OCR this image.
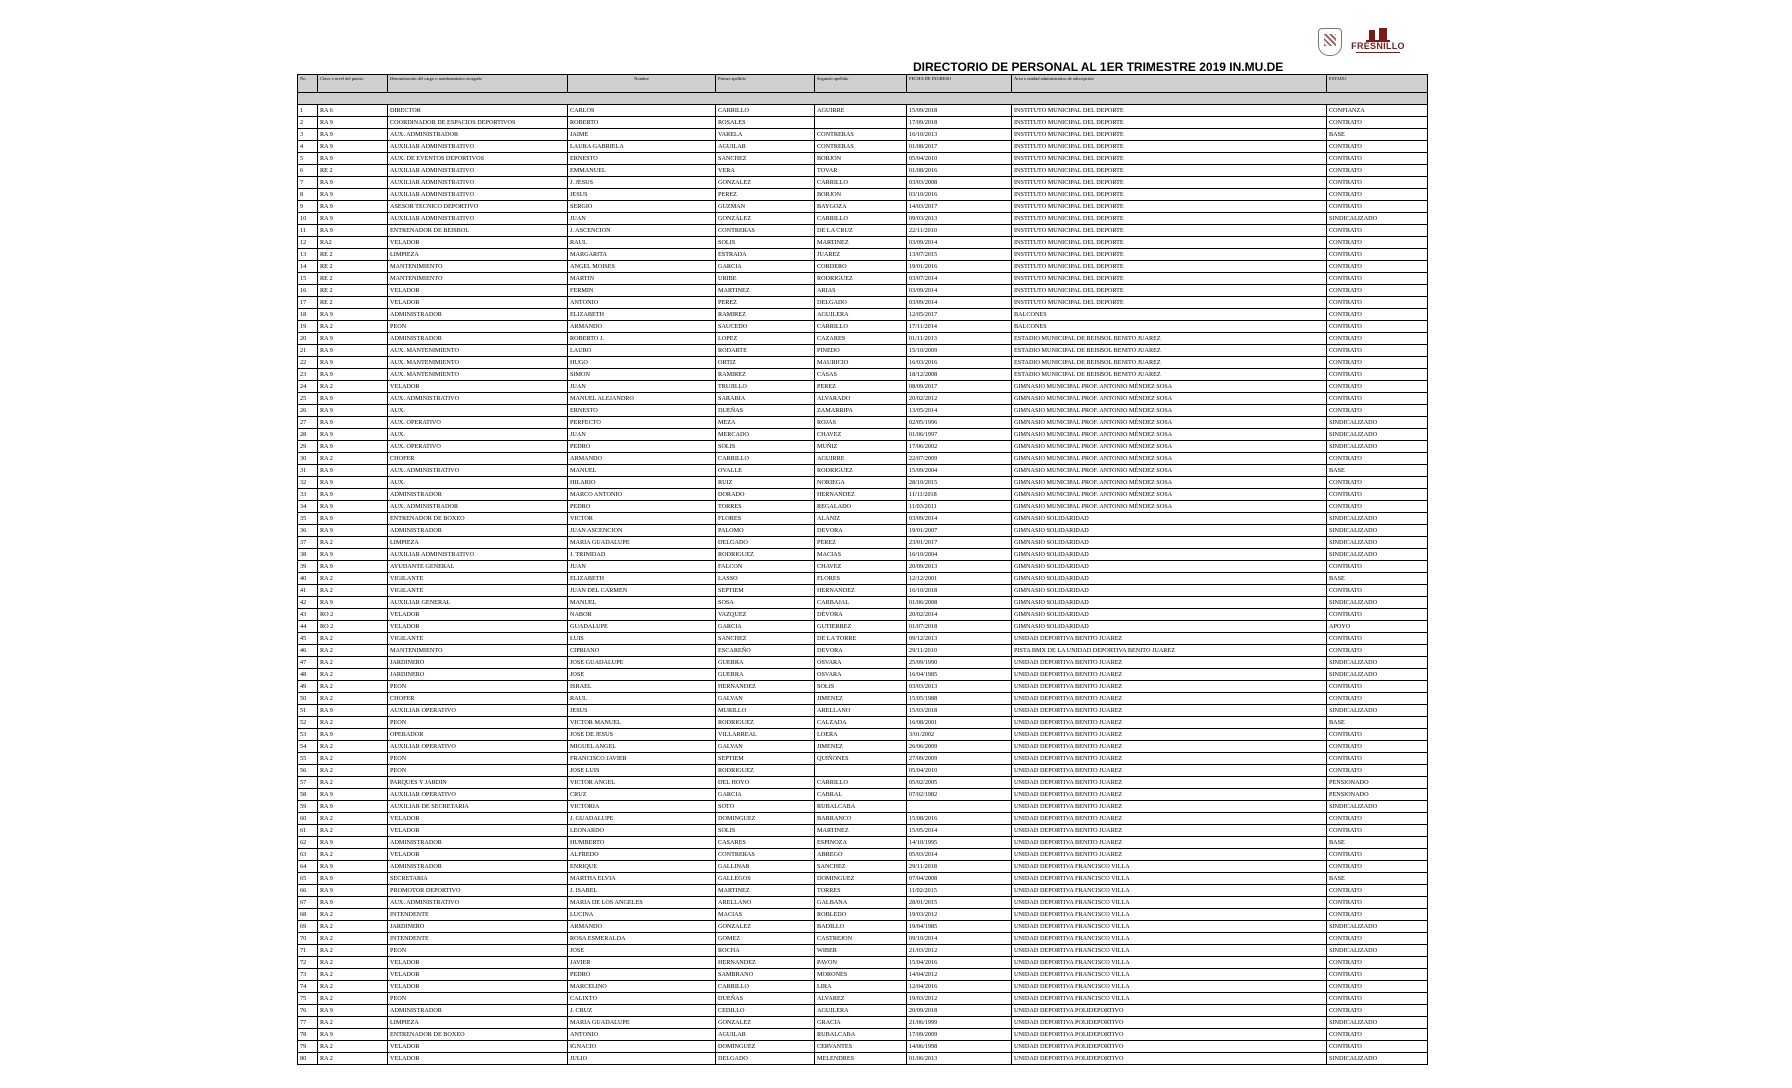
FRESNILLO
DIRECTORIO DE PERSONAL AL 1ER TRIMESTRE 2019 IN.MU.DE
No.	Clave o nivel del puesto	Denominación del cargo o nombramiento otorgado	Nombre	Primer apellido	Segundo apellido	FECHA DE INGRESO	Área o unidad administrativa de adscripción	ESTADO

1	RA 6	DIRECTOR	CARLOS	CARRILLO	AGUIRRE	15/09/2018	INSTITUTO MUNICIPAL DEL DEPORTE	CONFIANZA
2	RA 9	COORDINADOR DE ESPACIOS DEPORTIVOS	ROBERTO	ROSALES		17/09/2018	INSTITUTO MUNICIPAL DEL DEPORTE	CONTRATO
3	RA 9	AUX. ADMINISTRADOR	JAIME	VARELA	CONTRERAS	16/10/2013	INSTITUTO MUNICIPAL DEL DEPORTE	BASE
4	RA 9	AUXILIAR ADMINISTRATIVO	LAURA GABRIELA	AGUILAR	CONTRERAS	01/08/2017	INSTITUTO MUNICIPAL DEL DEPORTE	CONTRATO
5	RA 9	AUX. DE EVENTOS DEPORTIVOS	ERNESTO	SANCHEZ	BORJON	05/04/2010	INSTITUTO MUNICIPAL DEL DEPORTE	CONTRATO
6	RE 2	AUXILIAR ADMINISTRATIVO	EMMANUEL	VERA	TOVAR	01/08/2016	INSTITUTO MUNICIPAL DEL DEPORTE	CONTRATO
7	RA 9	AUXILIAR ADMINISTRATIVO	J. JESUS	GONZALEZ	CARRILLO	03/03/2008	INSTITUTO MUNICIPAL DEL DEPORTE	CONTRATO
8	RA 9	AUXILIAR ADMINISTRATIVO	JESUS	PEREZ	BORJON	03/10/2016	INSTITUTO MUNICIPAL DEL DEPORTE	CONTRATO
9	RA 9	ASESOR TECNICO DEPORTIVO	SERGIO	GUZMAN	BAYGOZA	14/03/2017	INSTITUTO MUNICIPAL DEL DEPORTE	CONTRATO
10	RA 9	AUXILIAR ADMINISTRATIVO	JUAN	GONZÁLEZ	CARRILLO	09/03/2013	INSTITUTO MUNICIPAL DEL DEPORTE	SINDICALIZADO
11	RA 9	ENTRENADOR DE BEISBOL	J. ASCENCION	CONTRERAS	DE LA CRUZ	22/11/2010	INSTITUTO MUNICIPAL DEL DEPORTE	CONTRATO
12	RA2	VELADOR	RAUL	SOLIS	MARTINEZ	03/09/2014	INSTITUTO MUNICIPAL DEL DEPORTE	CONTRATO
13	RE 2	LIMPIEZA	MARGARITA	ESTRADA	JUAREZ	13/07/2015	INSTITUTO MUNICIPAL DEL DEPORTE	CONTRATO
14	RE 2	MANTENIMIENTO	ANGEL MOISES	GARCIA	CORDERO	19/01/2016	INSTITUTO MUNICIPAL DEL DEPORTE	CONTRATO
15	RE 2	MANTENIMIENTO	MARTIN	URIBE	RODRIGUEZ	03/07/2014	INSTITUTO MUNICIPAL DEL DEPORTE	CONTRATO
16	RE 2	VELADOR	FERMIN	MARTINEZ	ARIAS	03/09/2014	INSTITUTO MUNICIPAL DEL DEPORTE	CONTRATO
17	RE 2	VELADOR	ANTONIO	PEREZ	DELGADO	03/09/2014	INSTITUTO MUNICIPAL DEL DEPORTE	CONTRATO
18	RA 9	ADMINISTRADOR	ELIZABETH	RAMIREZ	AGUILERA	12/05/2017	BALCONES	CONTRATO
19	RA 2	PEON	ARMANDO	SAUCEDO	CARRILLO	17/11/2014	BALCONES	CONTRATO
20	RA 9	ADMINISTRADOR	ROBERTO J.	LOPEZ	CAZARES	01/11/2013	ESTADIO MUNICIPAL DE BEISBOL BENITO JUAREZ	CONTRATO
21	RA 9	AUX. MANTENIMIENTO	LAURO	RODARTE	PINEDO	15/10/2009	ESTADIO MUNICIPAL DE BEISBOL BENITO JUAREZ	CONTRATO
22	RA 9	AUX. MANTENIMIENTO	HUGO	ORTIZ	MAURICIO	16/03/2016	ESTADIO MUNICIPAL DE BEISBOL BENITO JUAREZ	CONTRATO
23	RA 9	AUX. MANTENIMIENTO	SIMON	RAMIREZ	CASAS	18/12/2008	ESTADIO MUNICIPAL DE BEISBOL BENITO JUAREZ	CONTRATO
24	RA 2	VELADOR	JUAN	TRUJILLO	PEREZ	08/09/2017	GIMNASIO MUNICIPAL PROF. ANTONIO MÉNDEZ SOSA	CONTRATO
25	RA 9	AUX. ADMINISTRATIVO	MANUEL ALEJANDRO	SARABIA	ALVARADO	20/02/2012	GIMNASIO MUNICIPAL PROF. ANTONIO MÉNDEZ SOSA	CONTRATO
26	RA 9	AUX.	ERNESTO	DUEÑAS	ZAMARRIPA	13/05/2014	GIMNASIO MUNICIPAL PROF. ANTONIO MÉNDEZ SOSA	CONTRATO
27	RA 9	AUX. OPERATIVO	PERFECTO	MEZA	ROJAS	02/05/1996	GIMNASIO MUNICIPAL PROF. ANTONIO MÉNDEZ SOSA	SINDICALIZADO
28	RA 9	AUX.	JUAN	MERCADO	CHAVEZ	01/06/1997	GIMNASIO MUNICIPAL PROF. ANTONIO MÉNDEZ SOSA	SINDICALIZADO
29	RA 9	AUX. OPERATIVO	PEDRO	SOLIS	MUÑIZ	17/06/2002	GIMNASIO MUNICIPAL PROF. ANTONIO MÉNDEZ SOSA	SINDICALIZADO
30	RA 2	CHOFER	ARMANDO	CARRILLO	AGUIRRE	22/07/2009	GIMNASIO MUNICIPAL PROF. ANTONIO MÉNDEZ SOSA	CONTRATO
31	RA 9	AUX. ADMINISTRATIVO	MANUEL	OVALLE	RODRIGUEZ	15/09/2004	GIMNASIO MUNICIPAL PROF. ANTONIO MÉNDEZ SOSA	BASE
32	RA 9	AUX.	HILARIO	RUIZ	NORIEGA	28/10/2015	GIMNASIO MUNICIPAL PROF. ANTONIO MÉNDEZ SOSA	CONTRATO
33	RA 9	ADMINISTRADOR	MARCO ANTONIO	DORADO	HERNANDEZ	11/11/2018	GIMNASIO MUNICIPAL PROF. ANTONIO MÉNDEZ SOSA	CONTRATO
34	RA 9	AUX. ADMINISTRADOR	PEDRO	TORRES	REGALADO	11/03/2011	GIMNASIO MUNICIPAL PROF. ANTONIO MÉNDEZ SOSA	CONTRATO
35	RA 9	ENTRENADOR DE BOXEO	VICTOR	FLORES	ALANIZ	03/09/2014	GIMNASIO SOLIDARIDAD	SINDICALIZADO
36	RA 9	ADMINISTRADOR	JUAN ASCENCION	PALOMO	DEVORA	19/01/2007	GIMNASIO SOLIDARIDAD	SINDICALIZADO
37	RA 2	LIMPIEZA	MARIA GUADALUPE	DELGADO	PEREZ	23/01/2017	GIMNASIO SOLIDARIDAD	SINDICALIZADO
38	RA 9	AUXILIAR ADMINISTRATIVO	J. TRINIDAD	RODRIGUEZ	MACIAS	16/10/2004	GIMNASIO SOLIDARIDAD	SINDICALIZADO
39	RA 9	AYUDANTE GENERAL	JUAN	FALCON	CHAVEZ	20/09/2013	GIMNASIO SOLIDARIDAD	CONTRATO
40	RA 2	VIGILANTE	ELIZABETH	LASSO	FLORES	12/12/2001	GIMNASIO SOLIDARIDAD	BASE
41	RA 2	VIGILANTE	JUAN DEL CARMEN	SEPTIEM	HERNANDEZ	16/10/2018	GIMNASIO SOLIDARIDAD	CONTRATO
42	RA 9	AUXILIAR GENERAL	MANUEL	SOSA	CARBAJAL	01/06/2008	GIMNASIO SOLIDARIDAD	SINDICALIZADO
43	RO 2	VELADOR	NABOR	VAZQUEZ	DÉVORA	20/02/2014	GIMNASIO SOLIDARIDAD	CONTRATO
44	RO 2	VELADOR	GUADALUPE	GARCIA	GUTIERREZ	01/07/2018	GIMNASIO SOLIDARIDAD	APOYO
45	RA 2	VIGILANTE	LUIS	SANCHEZ	DE LA TORRE	09/12/2013	UNIDAD DEPORTIVA BENITO JUAREZ	CONTRATO
46	RA 2	MANTENIMIENTO	CIPRIANO	ESCAREÑO	DEVORA	29/11/2010	PISTA BMX DE LA UNIDAD DEPORTIVA BENITO JUAREZ	CONTRATO
47	RA 2	JARDINERO	JOSE GUADALUPE	GUERRA	OSVARA	25/09/1990	UNIDAD DEPORTIVA BENITO JUAREZ	SINDICALIZADO
48	RA 2	JARDINERO	JOSE	GUERRA	OSVARA	16/04/1985	UNIDAD DEPORTIVA BENITO JUAREZ	SINDICALIZADO
49	RA 2	PEON	ISRAEL	HERNANDEZ	SOLIS	03/03/2013	UNIDAD DEPORTIVA BENITO JUAREZ	CONTRATO
50	RA 2	CHOFER	RAUL	GALVAN	JIMENEZ	15/05/1988	UNIDAD DEPORTIVA BENITO JUAREZ	CONTRATO
51	RA 9	AUXILIAR OPERATIVO	JESUS	MURILLO	ARELLANO	15/03/2018	UNIDAD DEPORTIVA BENITO JUAREZ	SINDICALIZADO
52	RA 2	PEON	VICTOR MANUEL	RODRIGUEZ	CALZADA	16/08/2001	UNIDAD DEPORTIVA BENITO JUAREZ	BASE
53	RA 9	OPERADOR	JOSE DE JESUS	VILLARREAL	LOERA	3/01/2002	UNIDAD DEPORTIVA BENITO JUAREZ	CONTRATO
54	RA 2	AUXILIAR OPERATIVO	MIGUEL ANGEL	GALVAN	JIMENEZ	26/06/2009	UNIDAD DEPORTIVA BENITO JUAREZ	CONTRATO
55	RA 2	PEON	FRANCISCO JAVIER	SEPTIEM	QUIÑONES	27/09/2009	UNIDAD DEPORTIVA BENITO JUAREZ	CONTRATO
56	RA 2	PEON	JOSE LUIS	RODRIGUEZ		05/04/2010	UNIDAD DEPORTIVA BENITO JUAREZ	CONTRATO
57	RA 2	PARQUES Y JARDIN	VICTOR ANGEL	DEL HOYO	CARRILLO	05/02/2005	UNIDAD DEPORTIVA BENITO JUAREZ	PENSIONADO
58	RA 9	AUXILIAR OPERATIVO	CRUZ	GARCIA	CABRAL	07/02/1982	UNIDAD DEPORTIVA BENITO JUAREZ	PENSIONADO
59	RA 9	AUXILIAR DE SECRETARIA	VICTORIA	SOTO	RUBALCABA		UNIDAD DEPORTIVA BENITO JUAREZ	SINDICALIZADO
60	RA 2	VELADOR	J. GUADALUPE	DOMINGUEZ	BARRANCO	15/08/2016	UNIDAD DEPORTIVA BENITO JUAREZ	CONTRATO
61	RA 2	VELADOR	LEONARDO	SOLIS	MARTINEZ	15/05/2014	UNIDAD DEPORTIVA BENITO JUAREZ	CONTRATO
62	RA 9	ADMINISTRADOR	HUMBERTO	CASARES	ESPINOZA	14/10/1995	UNIDAD DEPORTIVA BENITO JUAREZ	BASE
63	RA 2	VELADOR	ALFREDO	CONTRERAS	ABREGO	05/03/2014	UNIDAD DEPORTIVA BENITO JUAREZ	CONTRATO
64	RA 9	ADMINISTRADOR	ENRIQUE	GALLINAR	SANCHEZ	29/11/2018	UNIDAD DEPORTIVA FRANCISCO VILLA	CONTRATO
65	RA 9	SECRETARIA	MARTHA ELVIA	GALLEGOS	DOMINGUEZ	07/04/2008	UNIDAD DEPORTIVA FRANCISCO VILLA	BASE
66	RA 9	PROMOTOR DEPORTIVO	J. ISABEL	MARTINEZ	TORRES	11/02/2015	UNIDAD DEPORTIVA FRANCISCO VILLA	CONTRATO
67	RA 9	AUX. ADMINISTRATIVO	MARIA DE LOS ANGELES	ARELLANO	GALBANA	28/01/2015	UNIDAD DEPORTIVA FRANCISCO VILLA	CONTRATO
68	RA 2	INTENDENTE	LUCINA	MACIAS	ROBLEDO	19/03/2012	UNIDAD DEPORTIVA FRANCISCO VILLA	CONTRATO
69	RA 2	JARDINERO	ARMANDO	GONZALEZ	BADILLO	19/04/1985	UNIDAD DEPORTIVA FRANCISCO VILLA	SINDICALIZADO
70	RA 2	INTENDENTE	ROSA ESMERALDA	GOMEZ	CASTREJON	09/10/2014	UNIDAD DEPORTIVA FRANCISCO VILLA	CONTRATO
71	RA 2	PEON	JOSE	ROCHA	WIBER	21/03/2012	UNIDAD DEPORTIVA FRANCISCO VILLA	SINDICALIZADO
72	RA 2	VELADOR	JAVIER	HERNANDEZ	PAVON	15/04/2016	UNIDAD DEPORTIVA FRANCISCO VILLA	CONTRATO
73	RA 2	VELADOR	PEDRO	SAMBRANO	MORONES	14/04/2012	UNIDAD DEPORTIVA FRANCISCO VILLA	CONTRATO
74	RA 2	VELADOR	MARCELINO	CARRILLO	LIRA	12/04/2016	UNIDAD DEPORTIVA FRANCISCO VILLA	CONTRATO
75	RA 2	PEON	CALIXTO	DUEÑAS	ALVAREZ	19/03/2012	UNIDAD DEPORTIVA FRANCISCO VILLA	CONTRATO
76	RA 9	ADMINISTRADOR	J. CRUZ	CEDILLO	AGUILERA	20/09/2018	UNIDAD DEPORTIVA POLIDEPORTIVO	CONTRATO
77	RA 2	LIMPIEZA	MARIA GUADALUPE	GONZALEZ	GRACIA	21/06/1999	UNIDAD DEPORTIVA POLIDEPORTIVO	SINDICALIZADO
78	RA 9	ENTRENADOR DE BOXEO	ANTONIO	AGUILAR	RUBALCABA	17/09/2009	UNIDAD DEPORTIVA POLIDEPORTIVO	CONTRATO
79	RA 2	VELADOR	IGNACIO	DOMINGUEZ	CERVANTES	14/06/1998	UNIDAD DEPORTIVA POLIDEPORTIVO	CONTRATO
80	RA 2	VELADOR	JULIO	DELGADO	MELENDRES	01/06/2013	UNIDAD DEPORTIVA POLIDEPORTIVO	SINDICALIZADO
